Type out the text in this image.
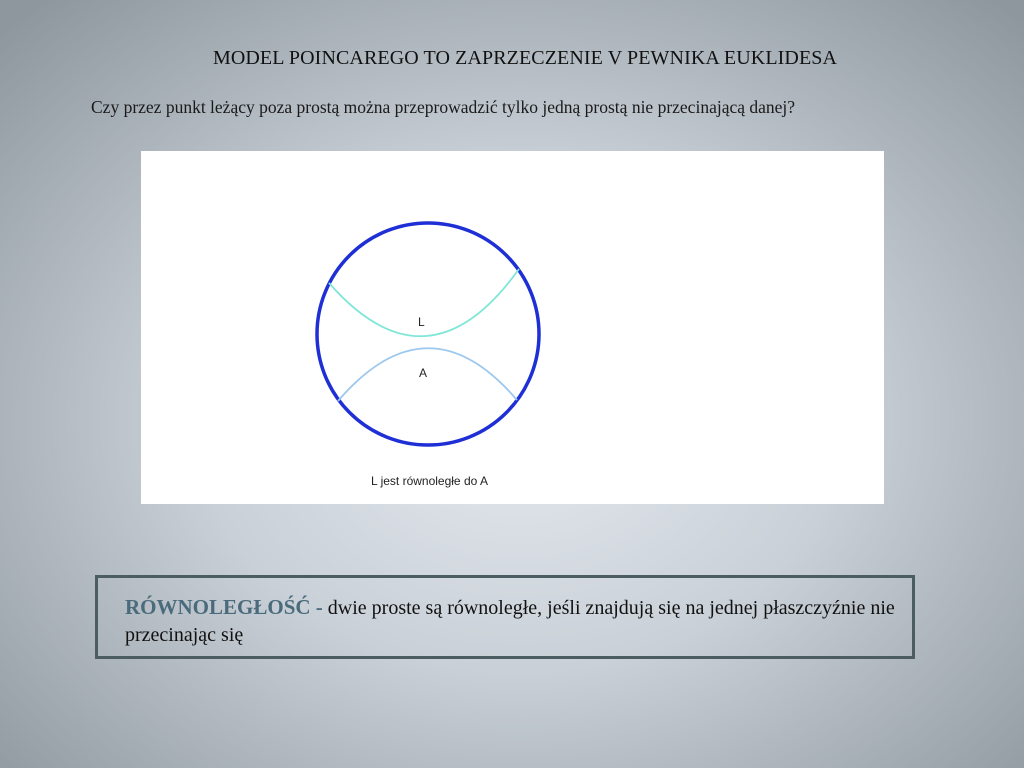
MODEL POINCAREGO TO ZAPRZECZENIE V PEWNIKA EUKLIDESA
Czy przez punkt leżący poza prostą można przeprowadzić tylko jedną prostą nie przecinającą danej?
L
A
L jest równoległe do A
RÓWNOLEGŁOŚĆ - dwie proste są równoległe, jeśli znajdują się na jednej płaszczyźnie nie przecinając się
